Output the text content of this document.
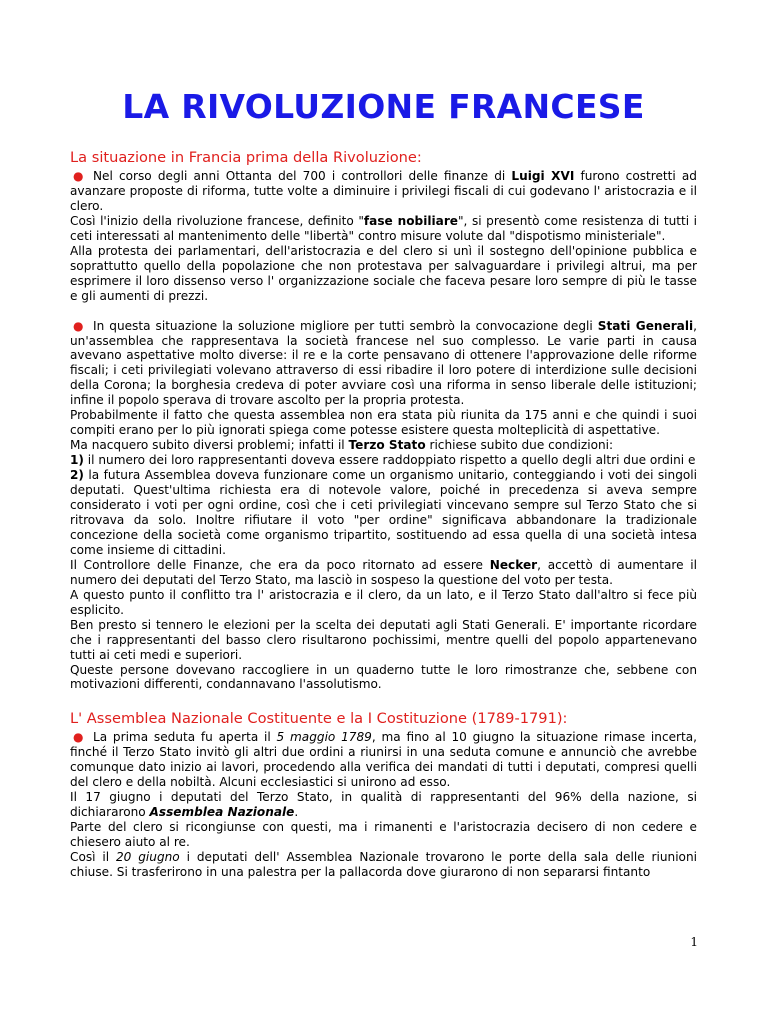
LA RIVOLUZIONE FRANCESE
La situazione in Francia prima della Rivoluzione:

● Nel corso degli anni Ottanta del 700 i controllori delle finanze di Luigi XVI furono costretti ad avanzare proposte di riforma, tutte volte a diminuire i privilegi fiscali di cui godevano l' aristocrazia e il clero.

Così l'inizio della rivoluzione francese, definito "fase nobiliare", si presentò come resistenza di tutti i ceti interessati al mantenimento delle "libertà" contro misure volute dal "dispotismo ministeriale".

Alla protesta dei parlamentari, dell'aristocrazia e del clero si unì il sostegno dell'opinione pubblica e soprattutto quello della popolazione che non protestava per salvaguardare i privilegi altrui, ma per esprimere il loro dissenso verso l' organizzazione sociale che faceva pesare loro sempre di più le tasse e gli aumenti di prezzi.

● In questa situazione la soluzione migliore per tutti sembrò la convocazione degli Stati Generali, un'assemblea che rappresentava la società francese nel suo complesso. Le varie parti in causa avevano aspettative molto diverse: il re e la corte pensavano di ottenere l'approvazione delle riforme fiscali; i ceti privilegiati volevano attraverso di essi ribadire il loro potere di interdizione sulle decisioni della Corona; la borghesia credeva di poter avviare così una riforma in senso liberale delle istituzioni; infine il popolo sperava di trovare ascolto per la propria protesta.

Probabilmente il fatto che questa assemblea non era stata più riunita da 175 anni e che quindi i suoi compiti erano per lo più ignorati spiega come potesse esistere questa molteplicità di aspettative.

Ma nacquero subito diversi problemi; infatti il Terzo Stato richiese subito due condizioni:

1) il numero dei loro rappresentanti doveva essere raddoppiato rispetto a quello degli altri due ordini e

2) la futura Assemblea doveva funzionare come un organismo unitario, conteggiando i voti dei singoli deputati. Quest'ultima richiesta era di notevole valore, poiché in precedenza si aveva sempre considerato i voti per ogni ordine, così che i ceti privilegiati vincevano sempre sul Terzo Stato che si ritrovava da solo. Inoltre rifiutare il voto "per ordine" significava abbandonare la tradizionale concezione della società come organismo tripartito, sostituendo ad essa quella di una società intesa come insieme di cittadini.

Il Controllore delle Finanze, che era da poco ritornato ad essere Necker, accettò di aumentare il numero dei deputati del Terzo Stato, ma lasciò in sospeso la questione del voto per testa.

A questo punto il conflitto tra l' aristocrazia e il clero, da un lato, e il Terzo Stato dall'altro si fece più esplicito.

Ben presto si tennero le elezioni per la scelta dei deputati agli Stati Generali. E' importante ricordare che i rappresentanti del basso clero risultarono pochissimi, mentre quelli del popolo appartenevano tutti ai ceti medi e superiori.

Queste persone dovevano raccogliere in un quaderno tutte le loro rimostranze che, sebbene con motivazioni differenti, condannavano l'assolutismo.

L' Assemblea Nazionale Costituente e la I Costituzione (1789-1791):

● La prima seduta fu aperta il 5 maggio 1789, ma fino al 10 giugno la situazione rimase incerta, finché il Terzo Stato invitò gli altri due ordini a riunirsi in una seduta comune e annunciò che avrebbe comunque dato inizio ai lavori, procedendo alla verifica dei mandati di tutti i deputati, compresi quelli del clero e della nobiltà. Alcuni ecclesiastici si unirono ad esso.

Il 17 giugno i deputati del Terzo Stato, in qualità di rappresentanti del 96% della nazione, si dichiararono Assemblea Nazionale.

Parte del clero si ricongiunse con questi, ma i rimanenti e l'aristocrazia decisero di non cedere e chiesero aiuto al re.

Così il 20 giugno i deputati dell' Assemblea Nazionale trovarono le porte della sala delle riunioni chiuse. Si trasferirono in una palestra per la pallacorda dove giurarono di non separarsi fintanto

1
